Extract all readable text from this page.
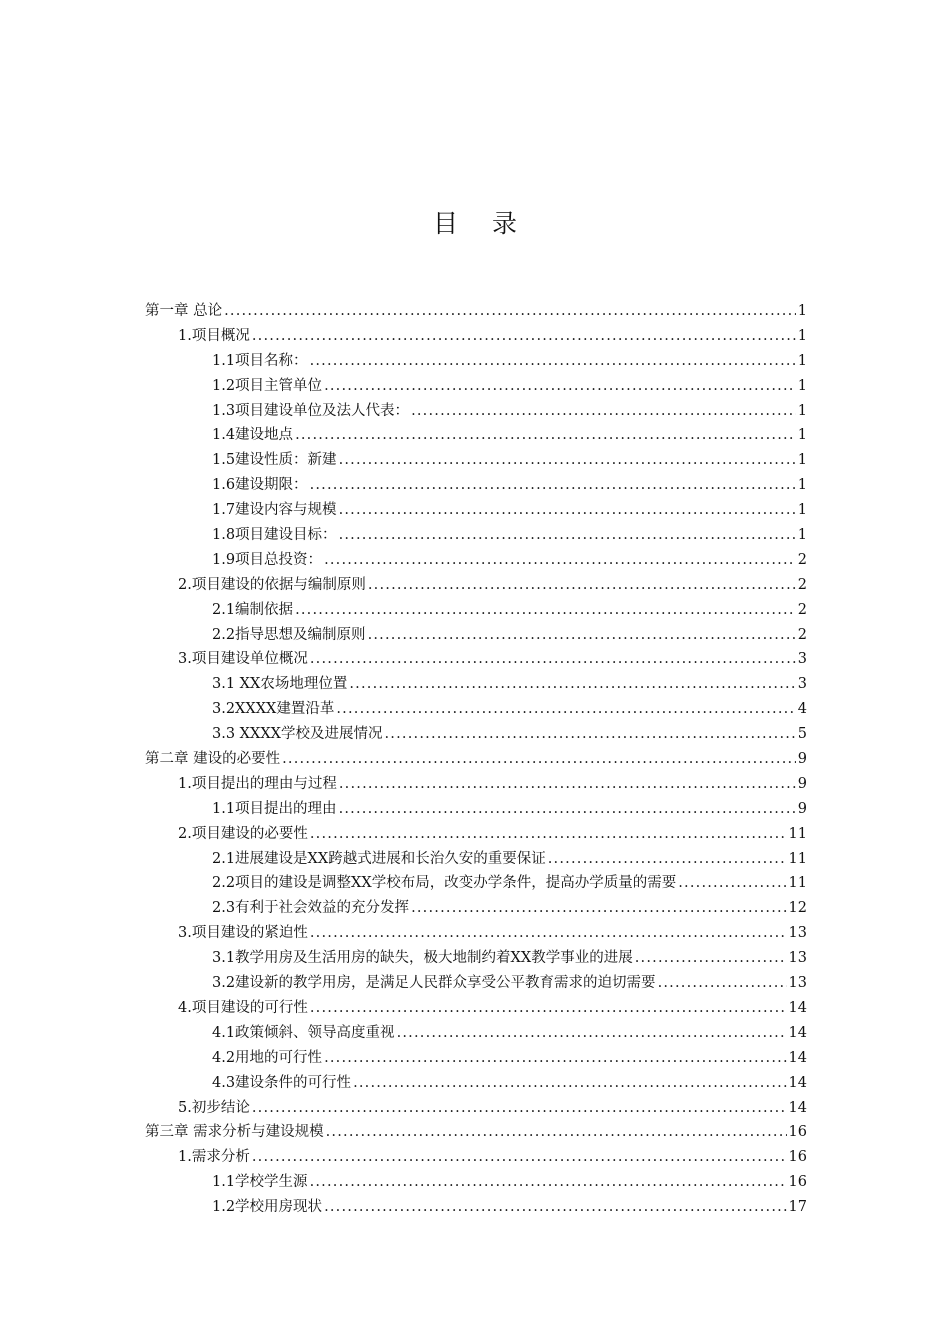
目录
第一章 总论 .....	1
1.项目概况 .....	1
1.1项目名称： .....	1
1.2项目主管单位 .....	1
1.3项目建设单位及法人代表： .....	1
1.4建设地点 .....	1
1.5建设性质：新建 .....	1
1.6建设期限： .....	1
1.7建设内容与规模 .....	1
1.8项目建设目标： .....	1
1.9项目总投资： .....	2
2.项目建设的依据与编制原则 .....	2
2.1编制依据 .....	2
2.2指导思想及编制原则 .....	2
3.项目建设单位概况 .....	3
3.1 XX农场地理位置 .....	3
3.2XXXX建置沿革 .....	4
3.3 XXXX学校及进展情况 .....	5
第二章 建设的必要性 .....	9
1.项目提出的理由与过程 .....	9
1.1项目提出的理由 .....	9
2.项目建设的必要性 .....	11
2.1进展建设是XX跨越式进展和长治久安的重要保证 .....	11
2.2项目的建设是调整XX学校布局，改变办学条件，提高办学质量的需要 .....	11
2.3有利于社会效益的充分发挥 .....	12
3.项目建设的紧迫性 .....	13
3.1教学用房及生活用房的缺失，极大地制约着XX教学事业的进展 .....	13
3.2建设新的教学用房，是满足人民群众享受公平教育需求的迫切需要 .....	13
4.项目建设的可行性 .....	14
4.1政策倾斜、领导高度重视 .....	14
4.2用地的可行性 .....	14
4.3建设条件的可行性 .....	14
5.初步结论 .....	14
第三章 需求分析与建设规模 .....	16
1.需求分析 .....	16
1.1学校学生源 .....	16
1.2学校用房现状 .....	17
